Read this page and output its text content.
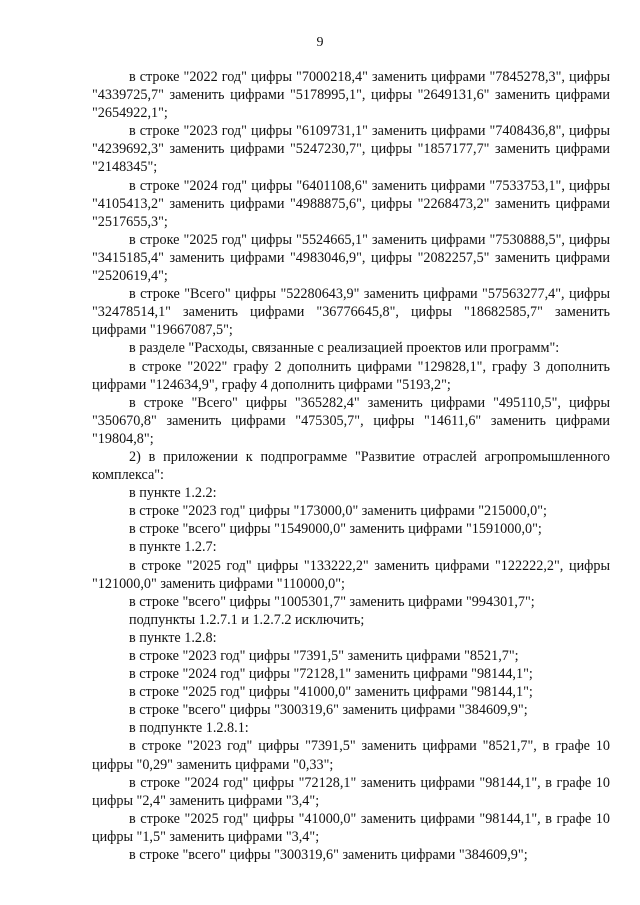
9

в строке "2022 год" цифры "7000218,4" заменить цифрами "7845278,3", цифры "4339725,7" заменить цифрами "5178995,1", цифры "2649131,6" заменить цифрами "2654922,1";

в строке "2023 год" цифры "6109731,1" заменить цифрами "7408436,8", цифры "4239692,3" заменить цифрами "5247230,7", цифры "1857177,7" заменить цифрами "2148345";

в строке "2024 год" цифры "6401108,6" заменить цифрами "7533753,1", цифры "4105413,2" заменить цифрами "4988875,6", цифры "2268473,2" заменить цифрами "2517655,3";

в строке "2025 год" цифры "5524665,1" заменить цифрами "7530888,5", цифры "3415185,4" заменить цифрами "4983046,9", цифры "2082257,5" заменить цифрами "2520619,4";

в строке "Всего" цифры "52280643,9" заменить цифрами "57563277,4", цифры "32478514,1" заменить цифрами "36776645,8", цифры "18682585,7" заменить цифрами "19667087,5";

в разделе "Расходы, связанные с реализацией проектов или программ":

в строке "2022" графу 2 дополнить цифрами "129828,1", графу 3 дополнить цифрами "124634,9", графу 4 дополнить цифрами "5193,2";

в строке "Всего" цифры "365282,4" заменить цифрами "495110,5", цифры "350670,8" заменить цифрами "475305,7", цифры "14611,6" заменить цифрами "19804,8";

2) в приложении к подпрограмме "Развитие отраслей агропромышленного комплекса":

в пункте 1.2.2:

в строке "2023 год" цифры "173000,0" заменить цифрами "215000,0";

в строке "всего" цифры "1549000,0" заменить цифрами "1591000,0";

в пункте 1.2.7:

в строке "2025 год" цифры "133222,2" заменить цифрами "122222,2", цифры "121000,0" заменить цифрами "110000,0";

в строке "всего" цифры "1005301,7" заменить цифрами "994301,7";

подпункты 1.2.7.1 и 1.2.7.2 исключить;

в пункте 1.2.8:

в строке "2023 год" цифры "7391,5" заменить цифрами "8521,7";

в строке "2024 год" цифры "72128,1" заменить цифрами "98144,1";

в строке "2025 год" цифры "41000,0" заменить цифрами "98144,1";

в строке "всего" цифры "300319,6" заменить цифрами "384609,9";

в подпункте 1.2.8.1:

в строке "2023 год" цифры "7391,5" заменить цифрами "8521,7", в графе 10 цифры "0,29" заменить цифрами "0,33";

в строке "2024 год" цифры "72128,1" заменить цифрами "98144,1", в графе 10 цифры "2,4" заменить цифрами "3,4";

в строке "2025 год" цифры "41000,0" заменить цифрами "98144,1", в графе 10 цифры "1,5" заменить цифрами "3,4";

в строке "всего" цифры "300319,6" заменить цифрами "384609,9";
